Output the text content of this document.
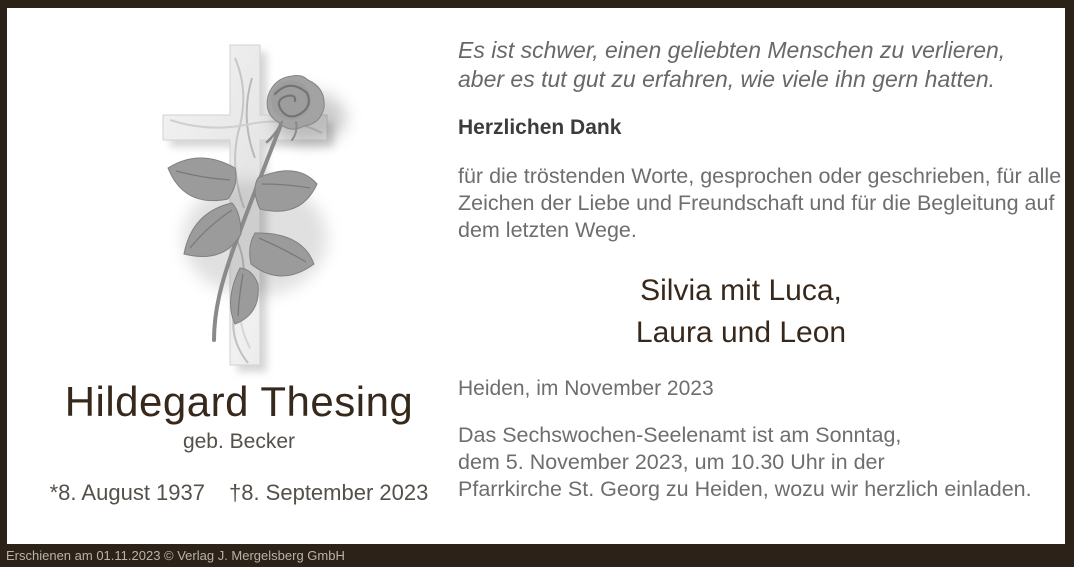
Hildegard Thesing
geb. Becker
*8. August 1937 †8. September 2023
Es ist schwer, einen geliebten Menschen zu verlieren,
aber es tut gut zu erfahren, wie viele ihn gern hatten.
Herzlichen Dank
für die tröstenden Worte, gesprochen oder geschrieben, für alle
Zeichen der Liebe und Freundschaft und für die Begleitung auf
dem letzten Wege.
Silvia mit Luca,
Laura und Leon
Heiden, im November 2023
Das Sechswochen-Seelenamt ist am Sonntag,
dem 5. November 2023, um 10.30 Uhr in der
Pfarrkirche St. Georg zu Heiden, wozu wir herzlich einladen.
Erschienen am 01.11.2023 © Verlag J. Mergelsberg GmbH
